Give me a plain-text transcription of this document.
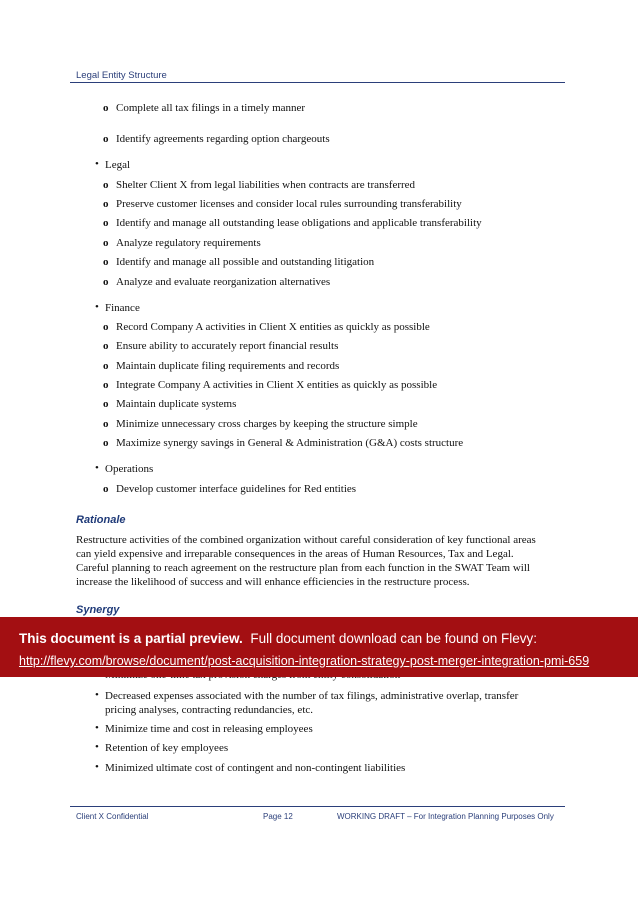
Legal Entity Structure
o Complete all tax filings in a timely manner
o Identify agreements regarding option chargeouts
• Legal
o Shelter Client X from legal liabilities when contracts are transferred
o Preserve customer licenses and consider local rules surrounding transferability
o Identify and manage all outstanding lease obligations and applicable transferability
o Analyze regulatory requirements
o Identify and manage all possible and outstanding litigation
o Analyze and evaluate reorganization alternatives
• Finance
o Record Company A activities in Client X entities as quickly as possible
o Ensure ability to accurately report financial results
o Maintain duplicate filing requirements and records
o Integrate Company A activities in Client X entities as quickly as possible
o Maintain duplicate systems
o Minimize unnecessary cross charges by keeping the structure simple
o Maximize synergy savings in General & Administration (G&A) costs structure
• Operations
o Develop customer interface guidelines for Red entities
Rationale
Restructure activities of the combined organization without careful consideration of key functional areas
can yield expensive and irreparable consequences in the areas of Human Resources, Tax and Legal.
Careful planning to reach agreement on the restructure plan from each function in the SWAT Team will
increase the likelihood of success and will enhance efficiencies in the restructure process.
Synergy
• Decreased expenses associated with the number of tax filings, administrative overlap, transfer
pricing analyses, contracting redundancies, etc.
• Minimize time and cost in releasing employees
• Retention of key employees
• Minimized ultimate cost of contingent and non-contingent liabilities
This document is a partial preview. Full document download can be found on Flevy:
http://flevy.com/browse/document/post-acquisition-integration-strategy-post-merger-integration-pmi-659
Client X Confidential	Page 12	WORKING DRAFT – For Integration Planning Purposes Only
